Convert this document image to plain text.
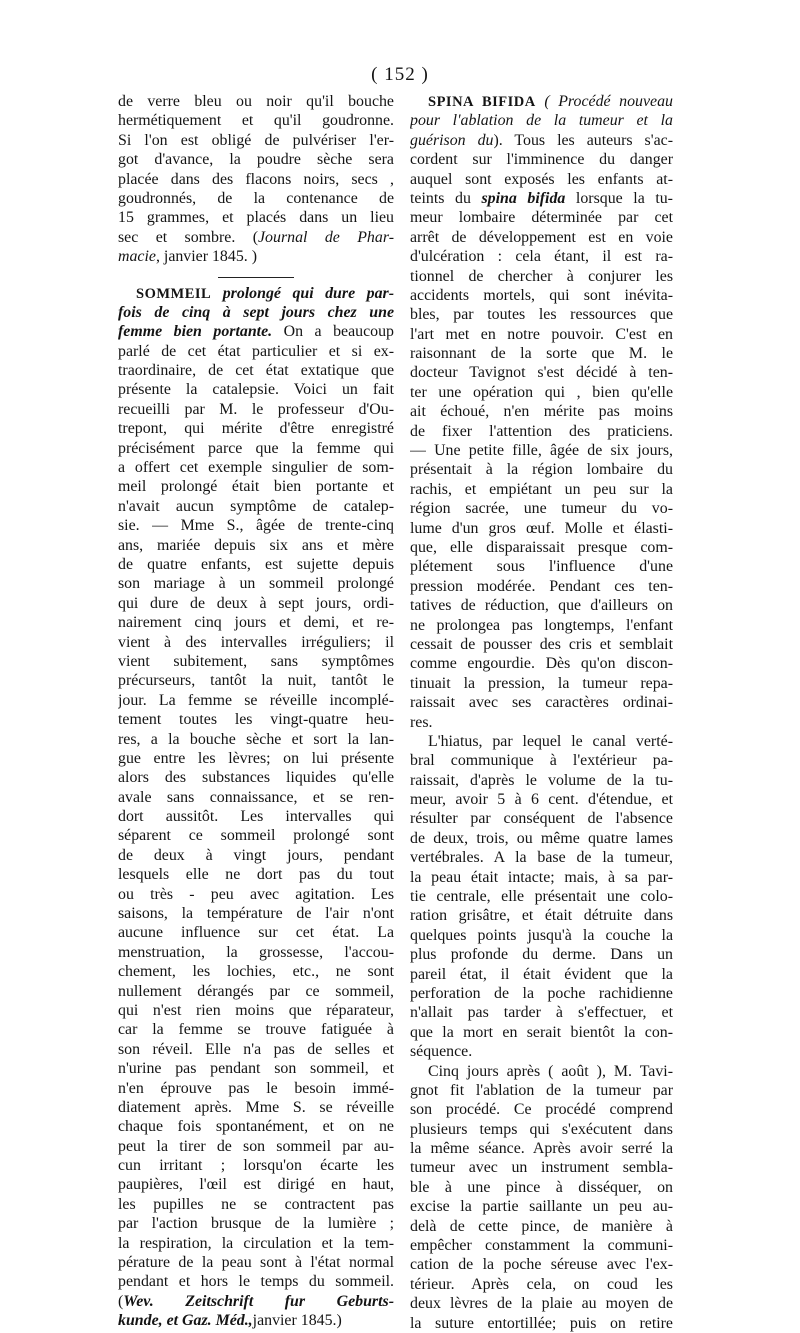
( 152 )
de verre bleu ou noir qu'il bouche
hermétiquement et qu'il goudronne.
Si l'on est obligé de pulvériser l'er-
got d'avance, la poudre sèche sera
placée dans des flacons noirs, secs ,
goudronnés, de la contenance de
15 grammes, et placés dans un lieu
sec et sombre. (Journal de Phar-
macie, janvier 1845. )
SOMMEIL prolongé qui dure par-
fois de cinq à sept jours chez une
femme bien portante. On a beaucoup
parlé de cet état particulier et si ex-
traordinaire, de cet état extatique que
présente la catalepsie. Voici un fait
recueilli par M. le professeur d'Ou-
trepont, qui mérite d'être enregistré
précisément parce que la femme qui
a offert cet exemple singulier de som-
meil prolongé était bien portante et
n'avait aucun symptôme de catalep-
sie. — Mme S., âgée de trente-cinq
ans, mariée depuis six ans et mère
de quatre enfants, est sujette depuis
son mariage à un sommeil prolongé
qui dure de deux à sept jours, ordi-
nairement cinq jours et demi, et re-
vient à des intervalles irréguliers; il
vient subitement, sans symptômes
précurseurs, tantôt la nuit, tantôt le
jour. La femme se réveille incomplé-
tement toutes les vingt-quatre heu-
res, a la bouche sèche et sort la lan-
gue entre les lèvres; on lui présente
alors des substances liquides qu'elle
avale sans connaissance, et se ren-
dort aussitôt. Les intervalles qui
séparent ce sommeil prolongé sont
de deux à vingt jours, pendant
lesquels elle ne dort pas du tout
ou très - peu avec agitation. Les
saisons, la température de l'air n'ont
aucune influence sur cet état. La
menstruation, la grossesse, l'accou-
chement, les lochies, etc., ne sont
nullement dérangés par ce sommeil,
qui n'est rien moins que réparateur,
car la femme se trouve fatiguée à
son réveil. Elle n'a pas de selles et
n'urine pas pendant son sommeil, et
n'en éprouve pas le besoin immé-
diatement après. Mme S. se réveille
chaque fois spontanément, et on ne
peut la tirer de son sommeil par au-
cun irritant ; lorsqu'on écarte les
paupières, l'œil est dirigé en haut,
les pupilles ne se contractent pas
par l'action brusque de la lumière ;
la respiration, la circulation et la tem-
pérature de la peau sont à l'état normal
pendant et hors le temps du sommeil.
(Wev. Zeitschrift fur Geburts-
kunde, et Gaz. Méd.,janvier 1845.)
SPINA BIFIDA ( Procédé nouveau
pour l'ablation de la tumeur et la
guérison du). Tous les auteurs s'ac-
cordent sur l'imminence du danger
auquel sont exposés les enfants at-
teints du spina bifida lorsque la tu-
meur lombaire déterminée par cet
arrêt de développement est en voie
d'ulcération : cela étant, il est ra-
tionnel de chercher à conjurer les
accidents mortels, qui sont inévita-
bles, par toutes les ressources que
l'art met en notre pouvoir. C'est en
raisonnant de la sorte que M. le
docteur Tavignot s'est décidé à ten-
ter une opération qui , bien qu'elle
ait échoué, n'en mérite pas moins
de fixer l'attention des praticiens.
— Une petite fille, âgée de six jours,
présentait à la région lombaire du
rachis, et empiétant un peu sur la
région sacrée, une tumeur du vo-
lume d'un gros œuf. Molle et élasti-
que, elle disparaissait presque com-
plétement sous l'influence d'une
pression modérée. Pendant ces ten-
tatives de réduction, que d'ailleurs on
ne prolongea pas longtemps, l'enfant
cessait de pousser des cris et semblait
comme engourdie. Dès qu'on discon-
tinuait la pression, la tumeur repa-
raissait avec ses caractères ordinai-
res.
L'hiatus, par lequel le canal verté-
bral communique à l'extérieur pa-
raissait, d'après le volume de la tu-
meur, avoir 5 à 6 cent. d'étendue, et
résulter par conséquent de l'absence
de deux, trois, ou même quatre lames
vertébrales. A la base de la tumeur,
la peau était intacte; mais, à sa par-
tie centrale, elle présentait une colo-
ration grisâtre, et était détruite dans
quelques points jusqu'à la couche la
plus profonde du derme. Dans un
pareil état, il était évident que la
perforation de la poche rachidienne
n'allait pas tarder à s'effectuer, et
que la mort en serait bientôt la con-
séquence.
Cinq jours après ( août ), M. Tavi-
gnot fit l'ablation de la tumeur par
son procédé. Ce procédé comprend
plusieurs temps qui s'exécutent dans
la même séance. Après avoir serré la
tumeur avec un instrument sembla-
ble à une pince à disséquer, on
excise la partie saillante un peu au-
delà de cette pince, de manière à
empêcher constamment la communi-
cation de la poche séreuse avec l'ex-
térieur. Après cela, on coud les
deux lèvres de la plaie au moyen de
la suture entortillée; puis on retire
